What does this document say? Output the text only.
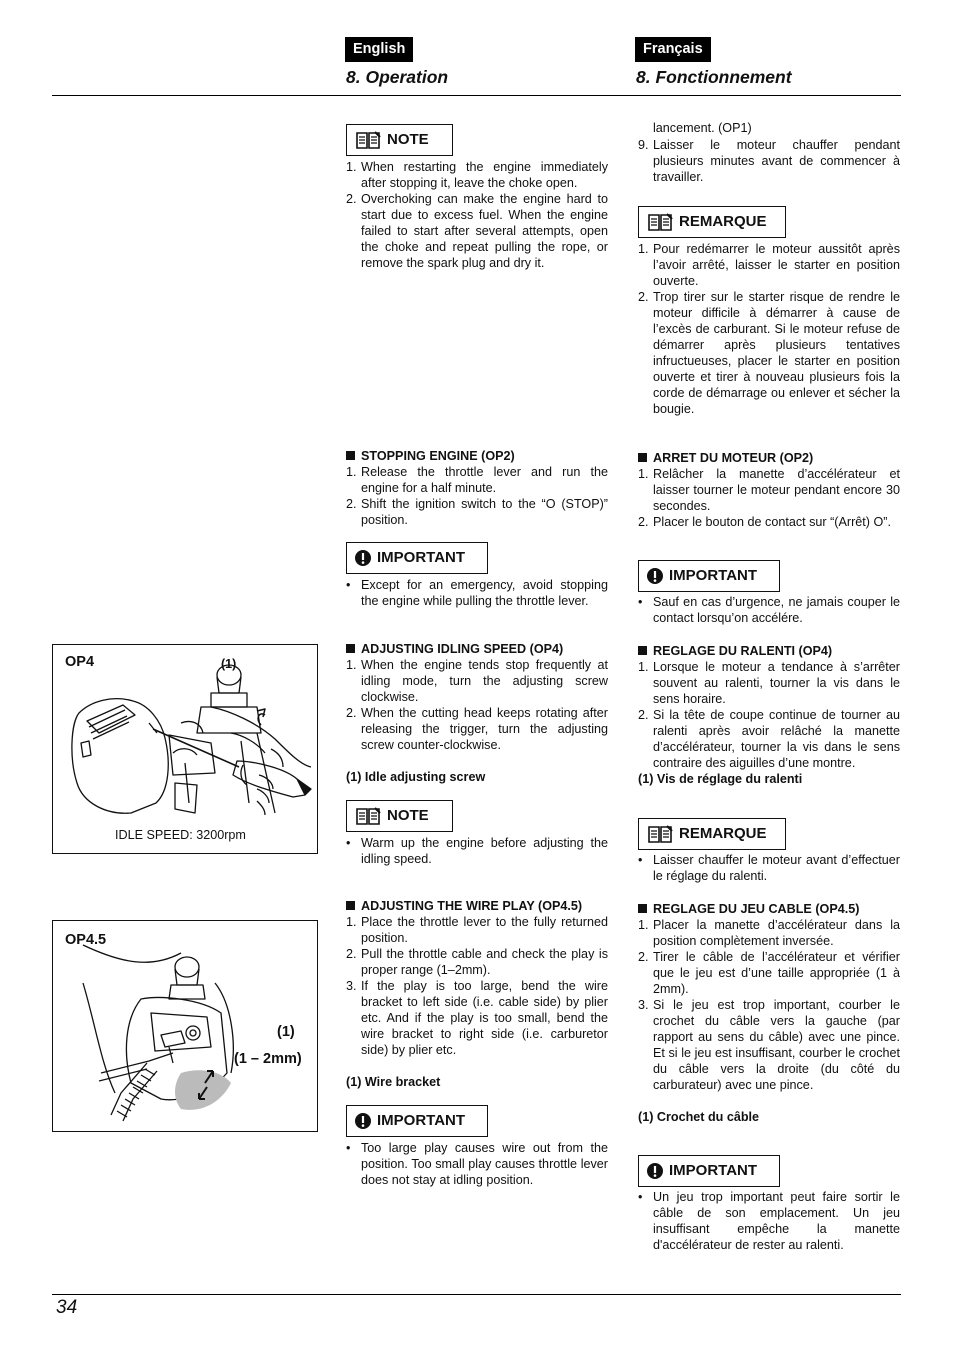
English	Français
8. Operation	8. Fonctionnement
OP4	(1)
IDLE SPEED: 3200rpm
OP4.5
(1)
(1 – 2mm)
NOTE
1. When restarting the engine immediately after stopping it, leave the choke open.
2. Overchoking can make the engine hard to start due to excess fuel. When the engine failed to start after several attempts, open the choke and repeat pulling the rope, or remove the spark plug and dry it.
STOPPING ENGINE (OP2)
1. Release the throttle lever and run the engine for a half minute.
2. Shift the ignition switch to the “O (STOP)” position.
IMPORTANT
• Except for an emergency, avoid stopping the engine while pulling the throttle lever.
ADJUSTING IDLING SPEED (OP4)
1. When the engine tends stop frequently at idling mode, turn the adjusting screw clockwise.
2. When the cutting head keeps rotating after releasing the trigger, turn the adjusting screw counter-clockwise.
(1) Idle adjusting screw
NOTE
• Warm up the engine before adjusting the idling speed.
ADJUSTING THE WIRE PLAY (OP4.5)
1. Place the throttle lever to the fully returned position.
2. Pull the throttle cable and check the play is proper range (1–2mm).
3. If the play is too large, bend the wire bracket to left side (i.e. cable side) by plier etc. And if the play is too small, bend the wire bracket to right side (i.e. carburetor side) by plier etc.
(1) Wire bracket
IMPORTANT
• Too large play causes wire out from the position. Too small play causes throttle lever does not stay at idling position.
lancement. (OP1)
9. Laisser le moteur chauffer pendant plusieurs minutes avant de commencer à travailler.
REMARQUE
1. Pour redémarrer le moteur aussitôt après l’avoir arrêté, laisser le starter en position ouverte.
2. Trop tirer sur le starter risque de rendre le moteur difficile à démarrer à cause de l’excès de carburant. Si le moteur refuse de démarrer après plusieurs tentatives infructueuses, placer le starter en position ouverte et tirer à nouveau plusieurs fois la corde de démarrage ou enlever et sécher la bougie.
ARRET DU MOTEUR (OP2)
1. Relâcher la manette d’accélérateur et laisser tourner le moteur pendant encore 30 secondes.
2. Placer le bouton de contact sur “(Arrêt) O”.
IMPORTANT
• Sauf en cas d’urgence, ne jamais couper le contact lorsqu’on accélére.
REGLAGE DU RALENTI (OP4)
1. Lorsque le moteur a tendance à s’arrêter souvent au ralenti, tourner la vis dans le sens horaire.
2. Si la tête de coupe continue de tourner au ralenti après avoir relâché la manette d’accélérateur, tourner la vis dans le sens contraire des aiguilles d’une montre.
(1) Vis de réglage du ralenti
REMARQUE
• Laisser chauffer le moteur avant d’effectuer le réglage du ralenti.
REGLAGE DU JEU CABLE (OP4.5)
1. Placer la manette d’accélérateur dans la position complètement inversée.
2. Tirer le câble de l’accélérateur et vérifier que le jeu est d’une taille appropriée (1 à 2mm).
3. Si le jeu est trop important, courber le crochet du câble vers la gauche (par rapport au sens du câble) avec une pince. Et si le jeu est insuffisant, courber le crochet du câble vers la droite (du côté du carburateur) avec une pince.
(1) Crochet du câble
IMPORTANT
• Un jeu trop important peut faire sortir le câble de son emplacement. Un jeu insuffisant empêche la manette d'accélérateur de rester au ralenti.
34
